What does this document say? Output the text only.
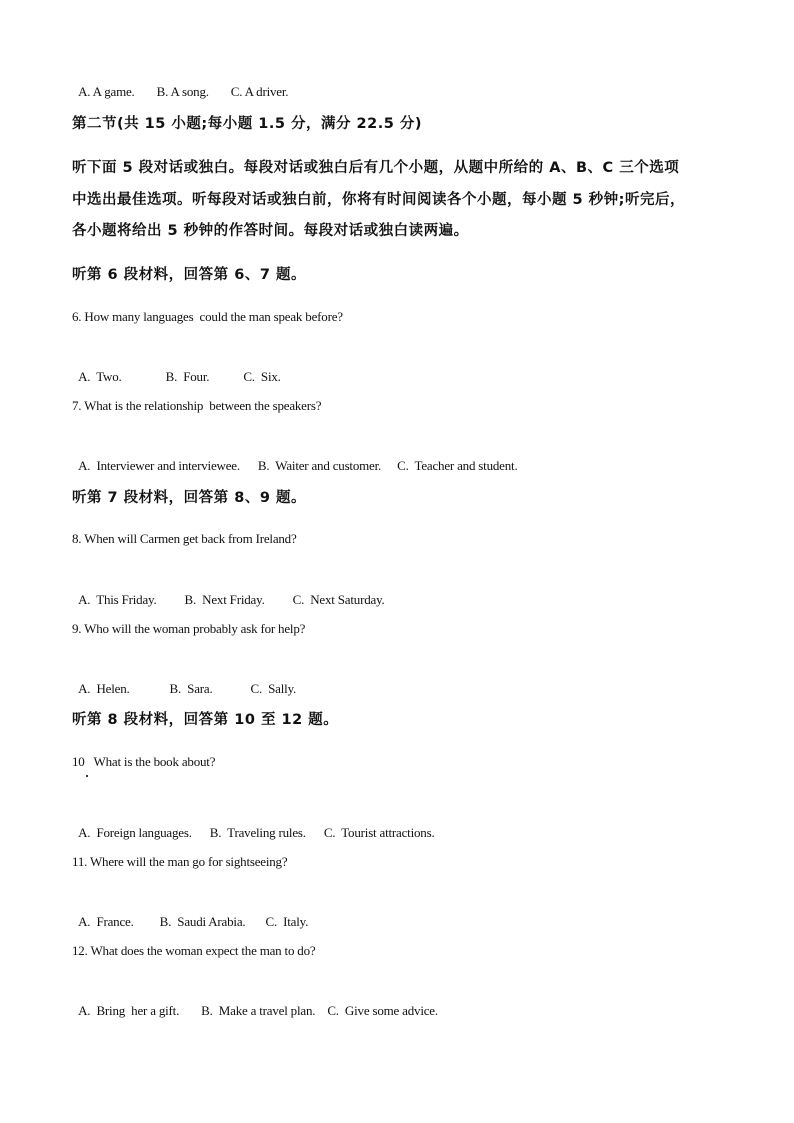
A. A game. B. A song. C. A driver.

第二节(共 15 小题;每小题 1.5 分，满分 22.5 分)
听下面 5 段对话或独白。每段对话或独白后有几个小题，从题中所给的 A、B、C 三个选项
中选出最佳选项。听每段对话或独白前，你将有时间阅读各个小题，每小题 5 秒钟;听完后，
各小题将给出 5 秒钟的作答时间。每段对话或独白读两遍。
听第 6 段材料，回答第 6、7 题。
6. How many languages  could the man speak before?

A.  Two.	B.  Four.	C.  Six.

7. What is the relationship  between the speakers?

A.  Interviewer and interviewee. B.  Waiter and customer. C.  Teacher and student.

听第 7 段材料，回答第 8、9 题。
8. When will Carmen get back from Ireland?

A.  This Friday. B.  Next Friday. C.  Next Saturday.

9. Who will the woman probably ask for help?

A.  Helen.	B.  Sara.	C.  Sally.

听第 8 段材料，回答第 10 至 12 题。
10   What is the book about?

A.  Foreign languages. B.  Traveling rules. C.  Tourist attractions.

11. Where will the man go for sightseeing?

A.  France. B.  Saudi Arabia. C.  Italy.

12. What does the woman expect the man to do?

A.  Bring  her a gift. B.  Make a travel plan. C.  Give some advice.
